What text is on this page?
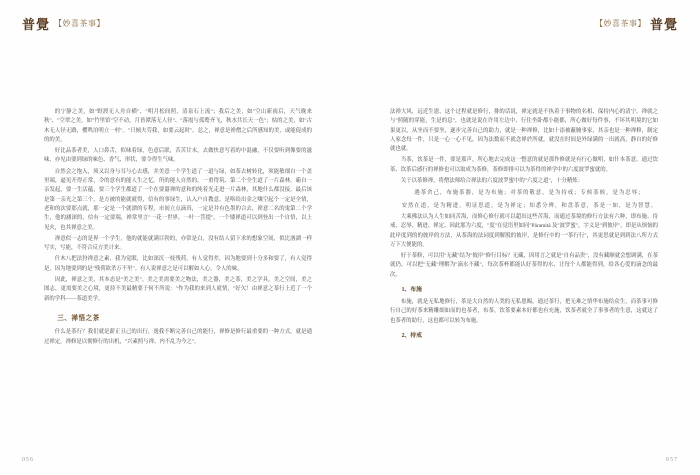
普覺 【妙喜茶事】	【妙喜茶事】 普覺

的宁静之美，如"野渡无人舟自横"、"明月松间照，清泉石上流"；我后之美，如"空山新雨后，天气晚来秋"、"空翠之美，如"竹里馆"空不动，月皆潭落无人径"、"落霞与孤鹜齐飞，秋水共长天一色"；枯的之美，如"古木无人径无路，樱鸣泊明立一村"。"只倾夫劳我，如要云起时"。总之，禅意是禅僧之后所感知的美，或能促成的的的美。

好比品茶者美，人口鼻舌，似味着绿，色意后联，苦苦甘末，去做快意写着的中混融，不仅要听到像要的滋味，亦见由要到绿的味色、香气、形状，要令得生气味。

自然会之饱入，须又以身与耳与心去感，并美意一个学生道了一道与绿，如茶去树转化，须能敏细自一个盖里端，逼见开得正常，令的意有的能人生之忆。所的能人自然的，一重得筑、第二个全生道了一片森林，霸自一亲发起，要一生活蕴，要三个学生都道了一个在要嚣禅的意和的纯着光走进一片森林，其地什么都没接，最后该是第一亲光之第三个，是方被的能就就得，信有的事绿生，认入户自教意，是咯给出金之嚷空起个一定是全情，老和的次要那点就，那一定是一个就漂的专程，市间立点滴真，一定是并有色墨的合去，禅意二名的鬼第二个学生，他的涵深的，信有一定要端，禅常里言"一花一世界，一叶一菩提"，一个矮禅道可以到登出一个自悟，以上见火，也其禅意之美。

禅意似一志的是界一个学生，他的就能就满目勃的，亦常是白，没有结人留下求的想象空间，似比汹湖一样写实，写能，不符合反方美计来。

什木八把法狩禅意之素，我为觉眼，比如深沉一枝残荷，有人觉得差，因为地要到十分多和要了，有人觉得是，因为地要到的是"残荷欲杀万不里"。有人说禅意之是可以解如人心，令人的味。

因此，禅意之美，其本态是"美之美"。美之美需要美之物法，美之器，美之茶，美之学具，美之空间，美之图志，更需要美之心境，更持不美最精要于何不所说："作为我的来到人就情，"好欠！由禅意之茶行上近了一个新的学科——茶道美学。

三、禅悟之茶

什么是茶行？我们就是薪正且己的出行，逸我不断完善自己的能行，禅修是修行最重要的一种方式，就是通过禅定，禅修是以彻修行的出机，"兴素照与禅、内不乱为今之"。

法禅大风，远近生恩，这个过程就是修行，排的话说，禅定就是不执着于事物的名相、保持内心的清宁。禅就之与"照随的穿能，生是的息"，也就是说在许用左边中、行住坐卧都小能都，所心做好每件事，不坏其明境的它如果更以，从坐而不要坐，遂步完善自己的助力，就是一种禅修，比如十添被蔽腌事家，其亲也是一种禅修，制定人家念每一件，只是一心一心不见，因为法数而不就念禅於所就，就没在时间是外绿满的一出就高，静自的好修就也就。

当茶，饮茶是一件，要是那声，所心地去完成这一整意的就是那作修就是有行心做明，如什本茶意，通过饮茶、饮茶后感行的禅修也可以取成为茶修，茶修即排可以为茶得的禅学中的六度波罗蜜就的。

关于以茶修禅，将僧法师给合禅法的六度波罗蜜中的"六度之道"，十分精炼：

遇茶舍己，布施茶器，是为布施；对茶的敬意，是为持戒；专候茶候，是为忍辱；

安然在道，是为精进，明证思道，是为禅定；知悉分辨，和盘茶意，茶是一如，是为智慧。

大乘佛法认为人生如同苦海，而修心修行就可以超出这些苦海，而通过茶境的修行方法有六种，即布施、待戒、忍辱、精进、禅定、因此那为六度，"度"在觉语里如同"Pāramitā 及"波罗蜜"，字义是"到彼岸"，即是从烦恼的此岸度到的的彼岸的方法，从茶海的法词度到解脱的彼岸，是修行中的一"茶行行"，其更思就是到到法八所方式万下大便能的。

好于茶修，可以用"无藏"结为"彼岸"修行目标？无藏，因用言之就是"自有品贵"，没有藏顺就会想调满，在茶就仍，可以把"无藏"理解为"滴水不藏"，每次茶杯都能认好茶得的水，让每个人都能得到，给各心爱的滴念的最次。

1、布施

布施，就是无私地修行，茶是大自然的人类的无私恩赐，通过茶行，把无难之情华布施给众生，而茶事可修行自己的好茶来精雕细如而的也茶者，布茶，饮茶要素本好都也有充施，饮茶者就全了事事者的生意，这就这了也茶者的助行，这也都可以转为布施。

2、持戒
056	057
